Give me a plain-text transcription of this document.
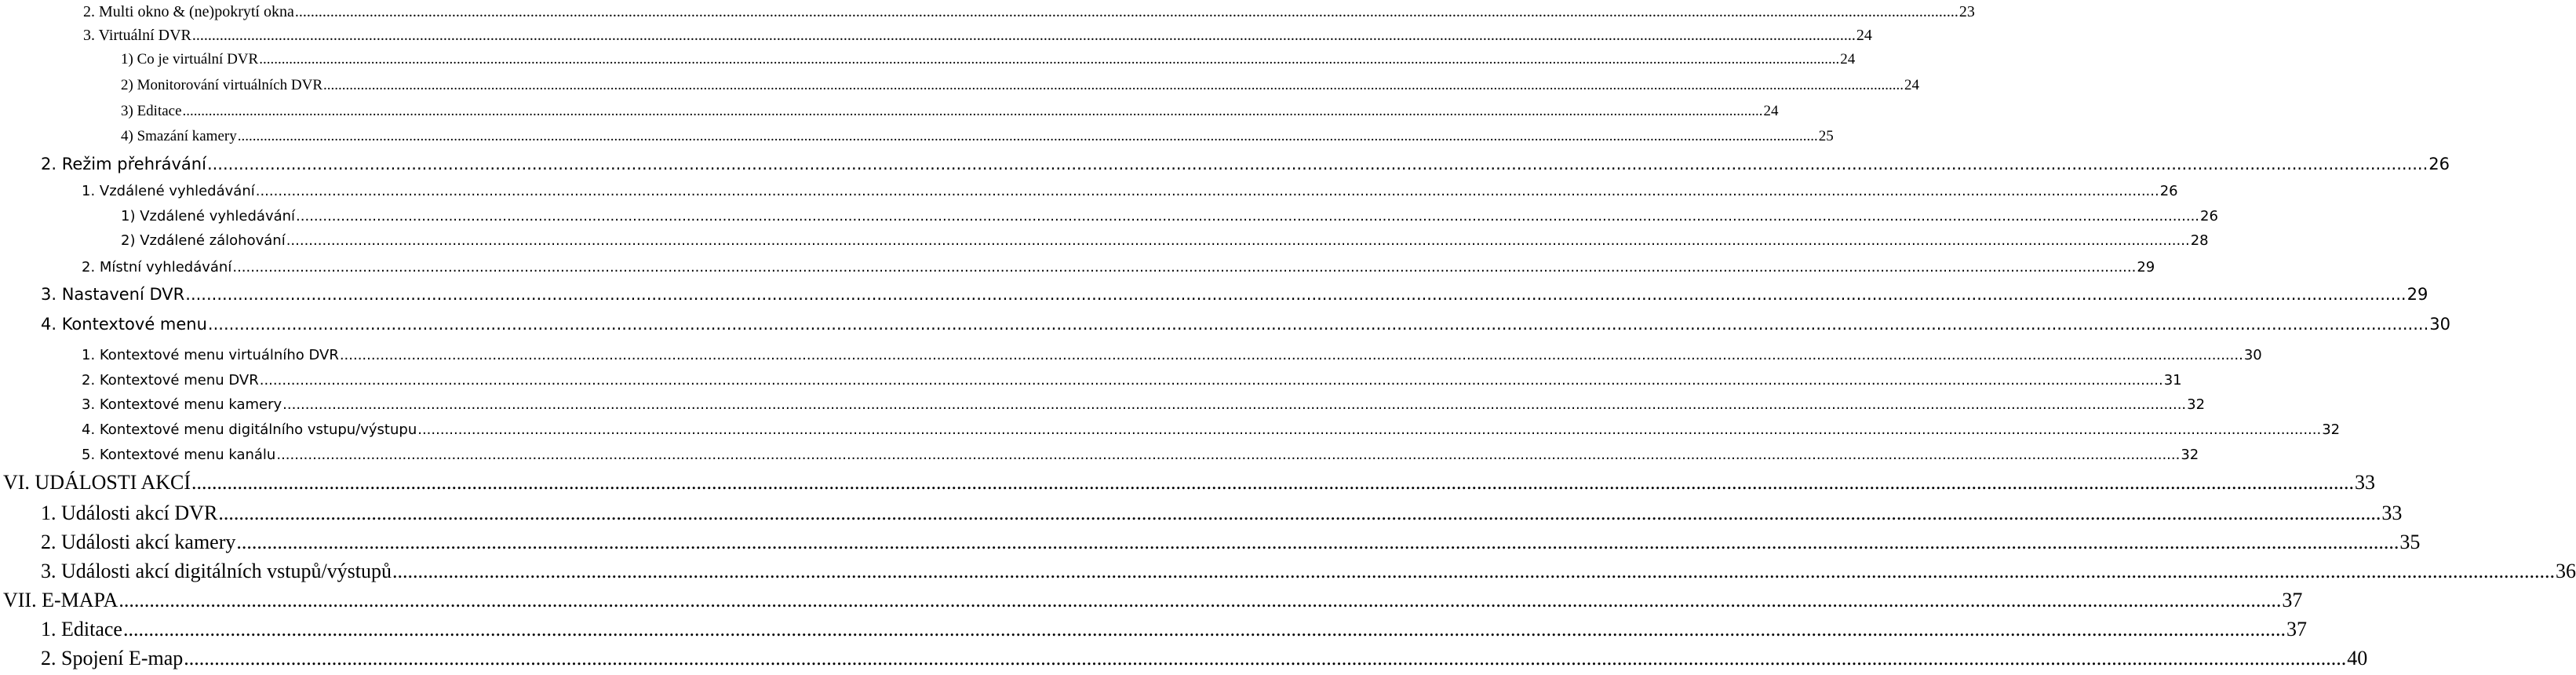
2. Multi okno & (ne)pokrytí okna .....	23
3. Virtuální DVR .....	24
1) Co je virtuální DVR .....	24
2) Monitorování virtuálních DVR .....	24
3) Editace .....	24
4) Smazání kamery .....	25
2. Režim přehrávání .....	26
1. Vzdálené vyhledávání .....	26
1) Vzdálené vyhledávání .....	26
2) Vzdálené zálohování .....	28
2. Místní vyhledávání .....	29
3. Nastavení DVR .....	29
4. Kontextové menu .....	30
1. Kontextové menu virtuálního DVR .....	30
2. Kontextové menu DVR .....	31
3. Kontextové menu kamery .....	32
4. Kontextové menu digitálního vstupu/výstupu .....	32
5. Kontextové menu kanálu .....	32
VI. UDÁLOSTI AKCÍ .....	33
1. Události akcí DVR .....	33
2. Události akcí kamery .....	35
3. Události akcí digitálních vstupů/výstupů .....	36
VII. E-MAPA .....	37
1. Editace .....	37
2. Spojení E-map .....	40
